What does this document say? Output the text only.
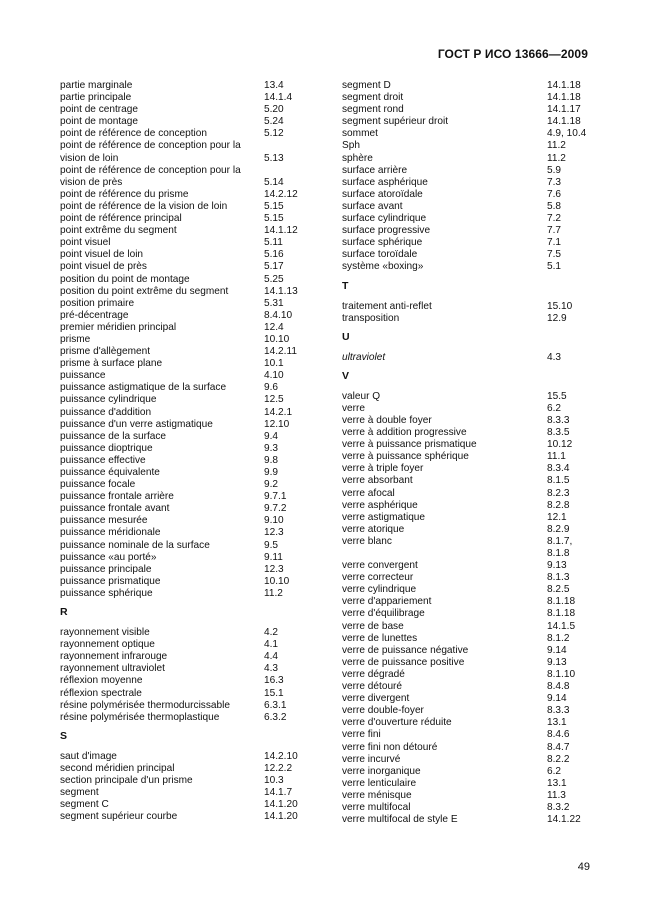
ГОСТ Р ИСО 13666—2009
partie marginale	13.4
partie principale	14.1.4
point de centrage	5.20
point de montage	5.24
point de référence de conception	5.12
point de référence de conception pour la vision de loin	5.13
point de référence de conception pour la vision de près	5.14
point de référence du prisme	14.2.12
point de référence de la vision de loin	5.15
point de référence principal	5.15
point extrême du segment	14.1.12
point visuel	5.11
point visuel de loin	5.16
point visuel de près	5.17
position du point de montage	5.25
position du point extrême du segment	14.1.13
position primaire	5.31
pré-décentrage	8.4.10
premier méridien principal	12.4
prisme	10.10
prisme d'allègement	14.2.11
prisme à surface plane	10.1
puissance	4.10
puissance astigmatique de la surface	9.6
puissance cylindrique	12.5
puissance d'addition	14.2.1
puissance d'un verre astigmatique	12.10
puissance de la surface	9.4
puissance dioptrique	9.3
puissance effective	9.8
puissance équivalente	9.9
puissance focale	9.2
puissance frontale arrière	9.7.1
puissance frontale avant	9.7.2
puissance mesurée	9.10
puissance méridionale	12.3
puissance nominale de la surface	9.5
puissance «au porté»	9.11
puissance principale	12.3
puissance prismatique	10.10
puissance sphérique	11.2
R
rayonnement visible	4.2
rayonnement optique	4.1
rayonnement infrarouge	4.4
rayonnement ultraviolet	4.3
réflexion moyenne	16.3
réflexion spectrale	15.1
résine polymérisée thermodurcissable	6.3.1
résine polymérisée thermoplastique	6.3.2
S
saut d'image	14.2.10
second méridien principal	12.2.2
section principale d'un prisme	10.3
segment	14.1.7
segment C	14.1.20
segment supérieur courbe	14.1.20
segment D	14.1.18
segment droit	14.1.18
segment rond	14.1.17
segment supérieur droit	14.1.18
sommet	4.9, 10.4
Sph	11.2
sphère	11.2
surface arrière	5.9
surface asphérique	7.3
surface atoroïdale	7.6
surface avant	5.8
surface cylindrique	7.2
surface progressive	7.7
surface sphérique	7.1
surface toroïdale	7.5
système «boxing»	5.1
T
traitement anti-reflet	15.10
transposition	12.9
U
ultraviolet	4.3
V
valeur Q	15.5
verre	6.2
verre à double foyer	8.3.3
verre à addition progressive	8.3.5
verre à puissance prismatique	10.12
verre à puissance sphérique	11.1
verre à triple foyer	8.3.4
verre absorbant	8.1.5
verre afocal	8.2.3
verre asphérique	8.2.8
verre astigmatique	12.1
verre atorique	8.2.9
verre blanc	8.1.7,
8.1.8
verre convergent	9.13
verre correcteur	8.1.3
verre cylindrique	8.2.5
verre d'appariement	8.1.18
verre d'équilibrage	8.1.18
verre de base	14.1.5
verre de lunettes	8.1.2
verre de puissance négative	9.14
verre de puissance positive	9.13
verre dégradé	8.1.10
verre détouré	8.4.8
verre divergent	9.14
verre double-foyer	8.3.3
verre d'ouverture réduite	13.1
verre fini	8.4.6
verre fini non détouré	8.4.7
verre incurvé	8.2.2
verre inorganique	6.2
verre lenticulaire	13.1
verre ménisque	11.3
verre multifocal	8.3.2
verre multifocal de style E	14.1.22
49
